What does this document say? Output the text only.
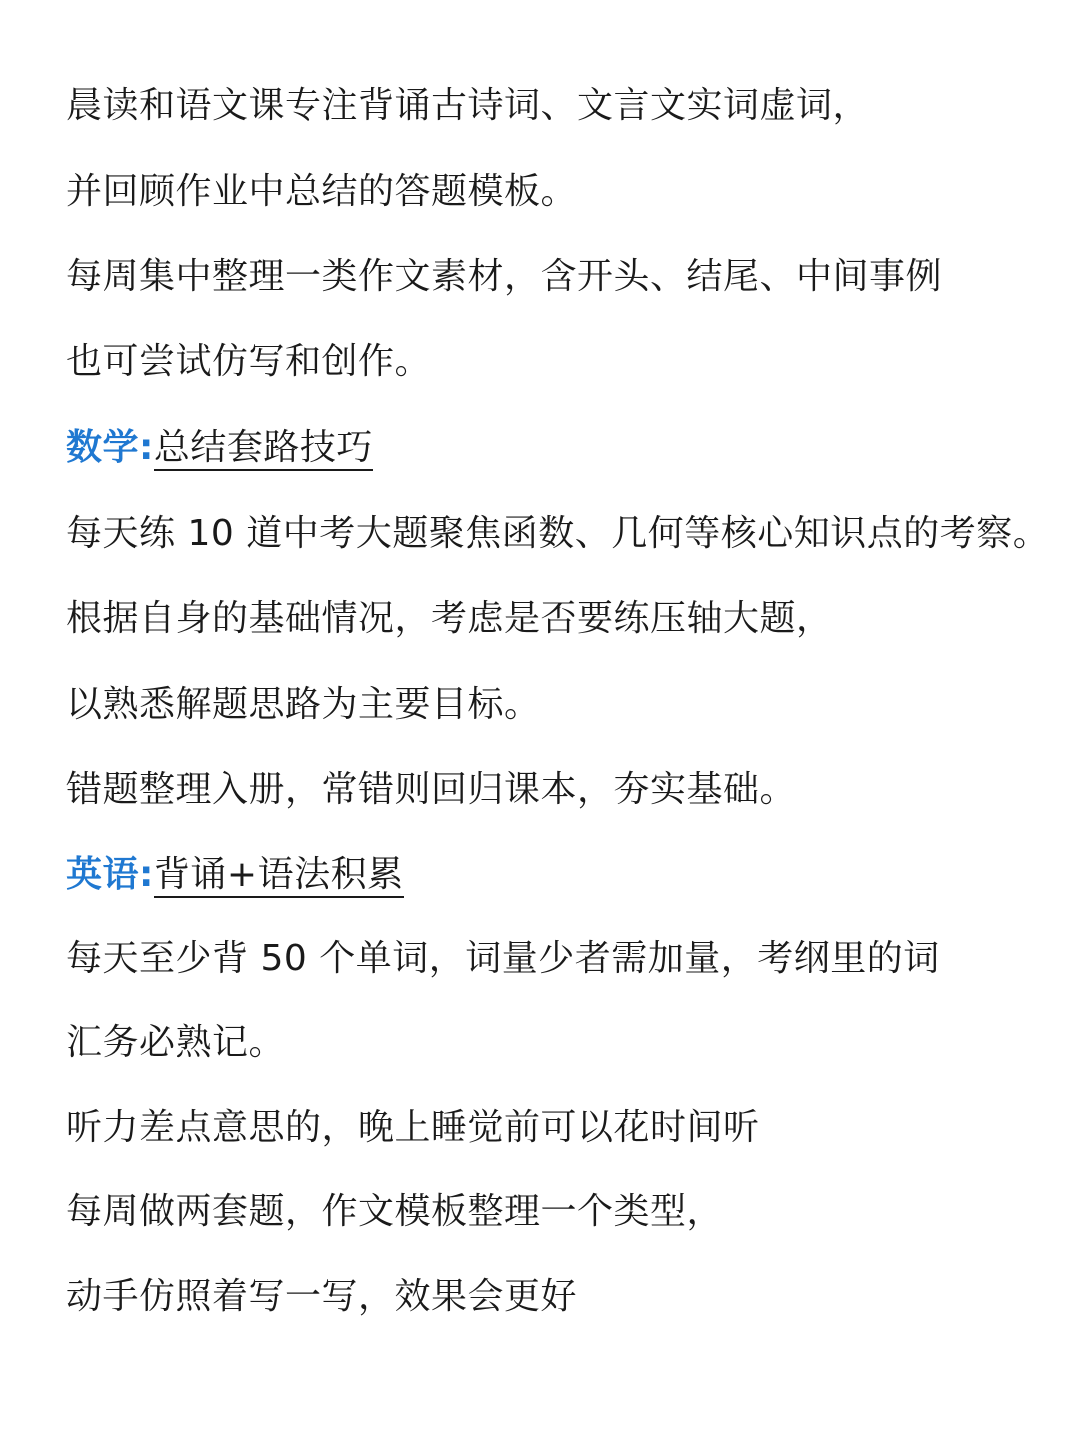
晨读和语文课专注背诵古诗词、文言文实词虚词，
并回顾作业中总结的答题模板。
每周集中整理一类作文素材，含开头、结尾、中间事例
也可尝试仿写和创作。
数学:总结套路技巧
每天练 10 道中考大题聚焦函数、几何等核心知识点的考察。
根据自身的基础情况，考虑是否要练压轴大题，
以熟悉解题思路为主要目标。
错题整理入册，常错则回归课本，夯实基础。
英语:背诵+语法积累
每天至少背 50 个单词，词量少者需加量，考纲里的词
汇务必熟记。
听力差点意思的，晚上睡觉前可以花时间听
每周做两套题，作文模板整理一个类型，
动手仿照着写一写，效果会更好
